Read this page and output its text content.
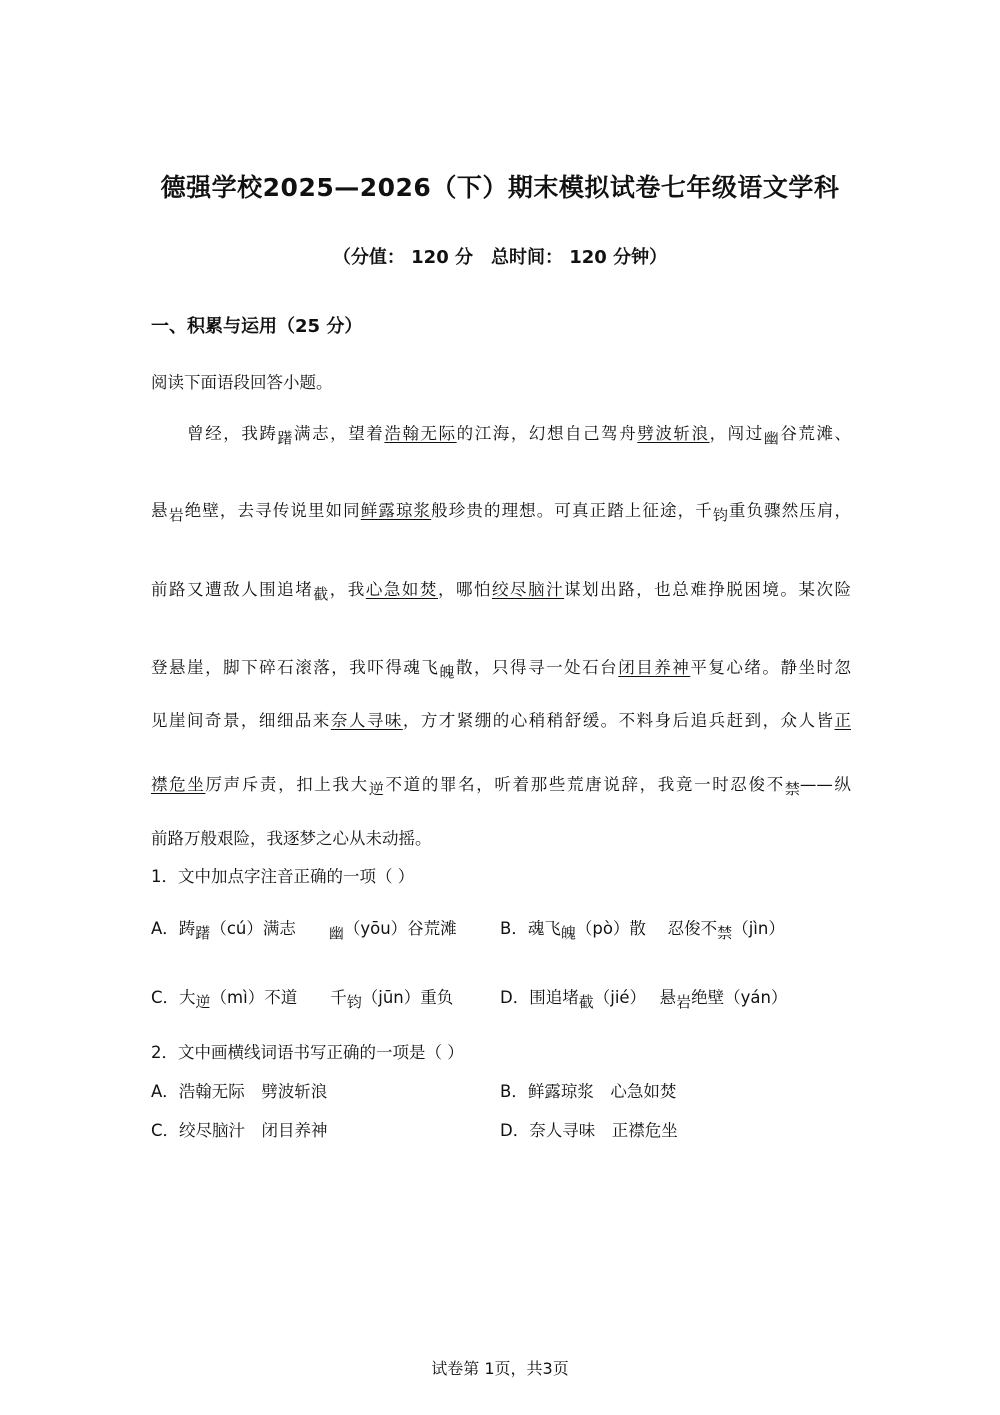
德强学校2025—2026（下）期末模拟试卷七年级语文学科
（分值： 120 分　总时间： 120 分钟）
一、积累与运用（25 分）
阅读下面语段回答小题。
　　曾经，我踌躇满志，望着浩翰无际的江海，幻想自己驾舟劈波斩浪，闯过幽谷荒滩、
悬岩绝壁，去寻传说里如同鲜露琼浆般珍贵的理想。可真正踏上征途，千钧重负骤然压肩，
前路又遭敌人围追堵截，我心急如焚，哪怕绞尽脑汁谋划出路，也总难挣脱困境。某次险
登悬崖，脚下碎石滚落，我吓得魂飞魄散，只得寻一处石台闭目养神平复心绪。静坐时忽
见崖间奇景，细细品来奈人寻味，方才紧绷的心稍稍舒缓。不料身后追兵赶到，众人皆正
襟危坐厉声斥责，扣上我大逆不道的罪名，听着那些荒唐说辞，我竟一时忍俊不禁——纵
前路万般艰险，我逐梦之心从未动摇。
1．文中加点字注音正确的一项（ ）
A．踌躇（cú）满志　　幽（yōu）谷荒滩	B．魂飞魄（pò）散　 忍俊不禁（jìn）
C．大逆（mì）不道　　千钧（jūn）重负	D．围追堵截（jié）　 悬岩绝壁（yán）
2．文中画横线词语书写正确的一项是（ ）
A．浩翰无际　劈波斩浪	B．鲜露琼浆　心急如焚
C．绞尽脑汁　闭目养神	D．奈人寻味　正襟危坐
试卷第 1页，共3页
